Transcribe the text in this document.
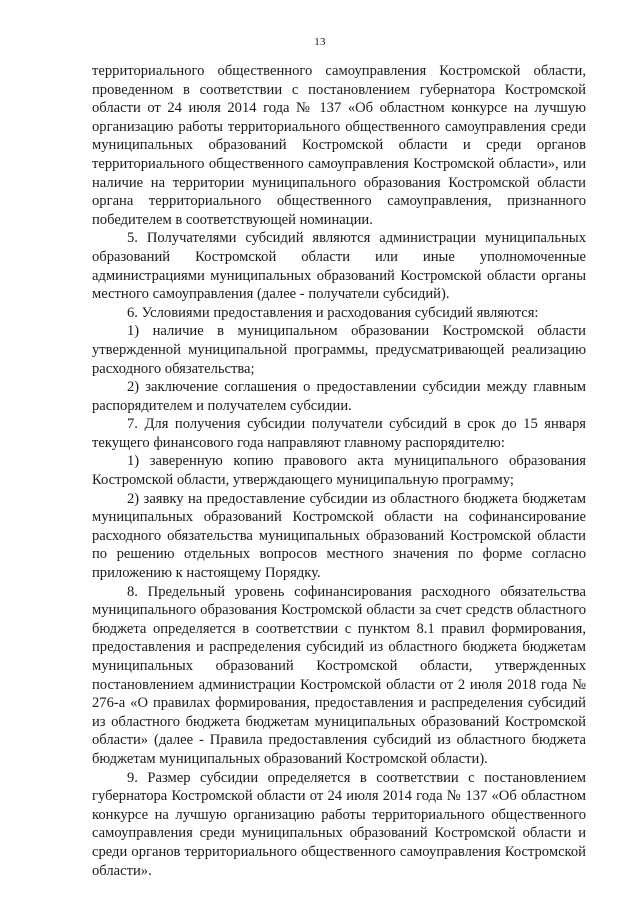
13

территориального общественного самоуправления Костромской области, проведенном в соответствии с постановлением губернатора Костромской области от 24 июля 2014 года № 137 «Об областном конкурсе на лучшую организацию работы территориального общественного самоуправления среди муниципальных образований Костромской области и среди органов территориального общественного самоуправления Костромской области», или наличие на территории муниципального образования Костромской области органа территориального общественного самоуправления, признанного победителем в соответствующей номинации.

5. Получателями субсидий являются администрации муниципальных образований Костромской области или иные уполномоченные администрациями муниципальных образований Костромской области органы местного самоуправления (далее - получатели субсидий).

6. Условиями предоставления и расходования субсидий являются:

1) наличие в муниципальном образовании Костромской области утвержденной муниципальной программы, предусматривающей реализацию расходного обязательства;

2) заключение соглашения о предоставлении субсидии между главным распорядителем и получателем субсидии.

7. Для получения субсидии получатели субсидий в срок до 15 января текущего финансового года направляют главному распорядителю:

1) заверенную копию правового акта муниципального образования Костромской области, утверждающего муниципальную программу;

2) заявку на предоставление субсидии из областного бюджета бюджетам муниципальных образований Костромской области на софинансирование расходного обязательства муниципальных образований Костромской области по решению отдельных вопросов местного значения по форме согласно приложению к настоящему Порядку.

8. Предельный уровень софинансирования расходного обязательства муниципального образования Костромской области за счет средств областного бюджета определяется в соответствии с пунктом 8.1 правил формирования, предоставления и распределения субсидий из областного бюджета бюджетам муниципальных образований Костромской области, утвержденных постановлением администрации Костромской области от 2 июля 2018 года № 276-а «О правилах формирования, предоставления и распределения субсидий из областного бюджета бюджетам муниципальных образований Костромской области» (далее - Правила предоставления субсидий из областного бюджета бюджетам муниципальных образований Костромской области).

9. Размер субсидии определяется в соответствии с постановлением губернатора Костромской области от 24 июля 2014 года № 137 «Об областном конкурсе на лучшую организацию работы территориального общественного самоуправления среди муниципальных образований Костромской области и среди органов территориального общественного самоуправления Костромской области».
